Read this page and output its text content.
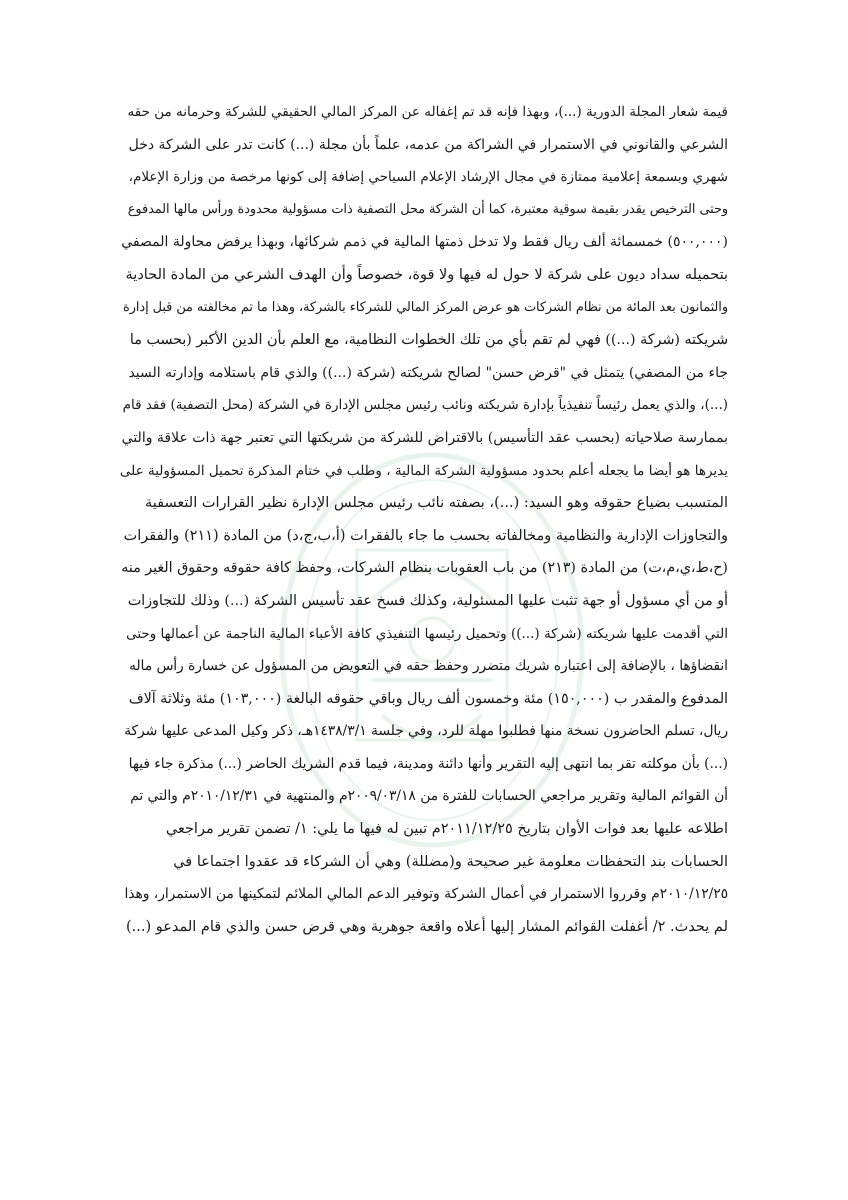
قيمة شعار المجلة الدورية (...)، وبهذا فإنه قد تم إغفاله عن المركز المالي الحقيقي للشركة وحرمانه من حقه
الشرعي والقانوني في الاستمرار في الشراكة من عدمه، علماً بأن مجلة (...) كانت تدر على الشركة دخل
شهري وبسمعة إعلامية ممتازة في مجال الإرشاد الإعلام السياحي إضافة إلى كونها مرخصة من وزارة الإعلام،
وحتى الترخيص يقدر بقيمة سوقية معتبرة، كما أن الشركة محل التصفية ذات مسؤولية محدودة ورأس مالها المدفوع
(٥٠٠,٠٠٠) خمسمائة ألف ريال فقط ولا تدخل ذمتها المالية في ذمم شركائها، وبهذا يرفض محاولة المصفي
بتحميله سداد ديون على شركة لا حول له فيها ولا قوة، خصوصاً وأن الهدف الشرعي من المادة الحادية
والثمانون بعد المائة من نظام الشركات هو عرض المركز المالي للشركاء بالشركة، وهذا ما تم مخالفته من قبل إدارة
شريكته (شركة (...)) فهي لم تقم بأي من تلك الخطوات النظامية، مع العلم بأن الدين الأكبر (بحسب ما
جاء من المصفي) يتمثل في "قرض حسن" لصالح شريكته (شركة (...)) والذي قام باستلامه وإدارته السيد
(...)، والذي يعمل رئيساً تنفيذياً بإدارة شريكته ونائب رئيس مجلس الإدارة في الشركة (محل التصفية) فقد قام
بممارسة صلاحياته (بحسب عقد التأسيس) بالاقتراض للشركة من شريكتها التي تعتبر جهة ذات علاقة والتي
يديرها هو أيضا ما يجعله أعلم بحدود مسؤولية الشركة المالية ، وطلب في ختام المذكرة تحميل المسؤولية على
المتسبب بضياع حقوقه وهو السيد: (...)، بصفته نائب رئيس مجلس الإدارة نظير القرارات التعسفية
والتجاوزات الإدارية والنظامية ومخالفاته بحسب ما جاء بالفقرات (أ،ب،ج،د) من المادة (٢١١) والفقرات
(ح،ط،ي،م،ت) من المادة (٢١٣) من باب العقوبات بنظام الشركات، وحفظ كافة حقوقه وحقوق الغير منه
أو من أي مسؤول أو جهة تثبت عليها المسئولية، وكذلك فسخ عقد تأسيس الشركة (...) وذلك للتجاوزات
التي أقدمت عليها شريكته (شركة (...)) وتحميل رئيسها التنفيذي كافة الأعباء المالية الناجمة عن أعمالها وحتى
انقضاؤها ، بالإضافة إلى اعتباره شريك متضرر وحفظ حقه في التعويض من المسؤول عن خسارة رأس ماله
المدفوع والمقدر ب (١٥٠,٠٠٠) مئة وخمسون ألف ريال وباقي حقوقه البالغة (١٠٣,٠٠٠) مئة وثلاثة آلاف
ريال، تسلم الحاضرون نسخة منها فطلبوا مهلة للرد، وفي جلسة ١٤٣٨/٣/١هـ، ذكر وكيل المدعى عليها شركة
(...) بأن موكلته تقر بما انتهى إليه التقرير وأنها دائنة ومدينة، فيما قدم الشريك الحاضر (...) مذكرة جاء فيها
أن القوائم المالية وتقرير مراجعي الحسابات للفترة من ٢٠٠٩/٠٣/١٨م والمنتهية في ٢٠١٠/١٢/٣١م والتي تم
اطلاعه عليها بعد فوات الأوان بتاريخ ٢٠١١/١٢/٢٥م تبين له فيها ما يلي: ١/ تضمن تقرير مراجعي
الحسابات بند التحفظات معلومة غير صحيحة و(مضللة) وهي أن الشركاء قد عقدوا اجتماعا في
٢٠١٠/١٢/٢٥م وقرروا الاستمرار في أعمال الشركة وتوفير الدعم المالي الملائم لتمكينها من الاستمرار، وهذا
لم يحدث. ٢/ أغفلت القوائم المشار إليها أعلاه واقعة جوهرية وهي قرض حسن والذي قام المدعو (...)
